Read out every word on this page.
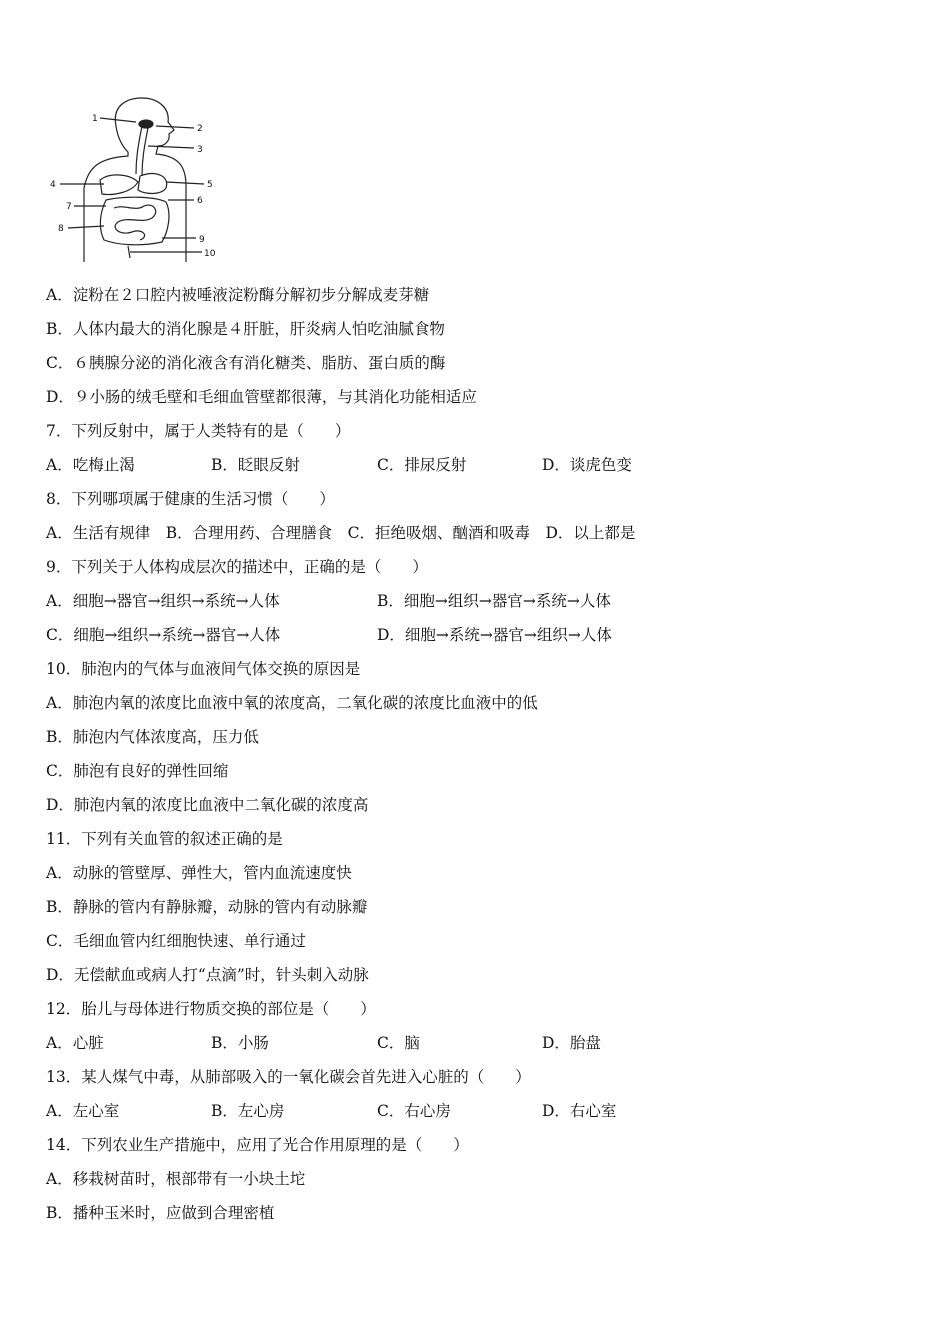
1
2
3
4	5
6
7
8
9
10
A．淀粉在２口腔内被唾液淀粉酶分解初步分解成麦芽糖
B．人体内最大的消化腺是４肝脏，肝炎病人怕吃油腻食物
C．６胰腺分泌的消化液含有消化糖类、脂肪、蛋白质的酶
D．９小肠的绒毛壁和毛细血管壁都很薄，与其消化功能相适应
7．下列反射中，属于人类特有的是（　　）
A．吃梅止渴	B．眨眼反射	C．排尿反射	D．谈虎色变
8．下列哪项属于健康的生活习惯（　　）
A．生活有规律　B．合理用药、合理膳食　C．拒绝吸烟、酗酒和吸毒　D．以上都是
9．下列关于人体构成层次的描述中，正确的是（　　）
A．细胞→器官→组织→系统→人体	B．细胞→组织→器官→系统→人体
C．细胞→组织→系统→器官→人体	D．细胞→系统→器官→组织→人体
10．肺泡内的气体与血液间气体交换的原因是
A．肺泡内氧的浓度比血液中氧的浓度高，二氧化碳的浓度比血液中的低
B．肺泡内气体浓度高，压力低
C．肺泡有良好的弹性回缩
D．肺泡内氧的浓度比血液中二氧化碳的浓度高
11．下列有关血管的叙述正确的是
A．动脉的管壁厚、弹性大，管内血流速度快
B．静脉的管内有静脉瓣，动脉的管内有动脉瓣
C．毛细血管内红细胞快速、单行通过
D．无偿献血或病人打“点滴”时，针头刺入动脉
12．胎儿与母体进行物质交换的部位是（　　）
A．心脏	B．小肠	C．脑	D．胎盘
13．某人煤气中毒，从肺部吸入的一氧化碳会首先进入心脏的（　　）
A．左心室	B．左心房	C．右心房	D．右心室
14．下列农业生产措施中，应用了光合作用原理的是（　　）
A．移栽树苗时，根部带有一小块土坨
B．播种玉米时，应做到合理密植
